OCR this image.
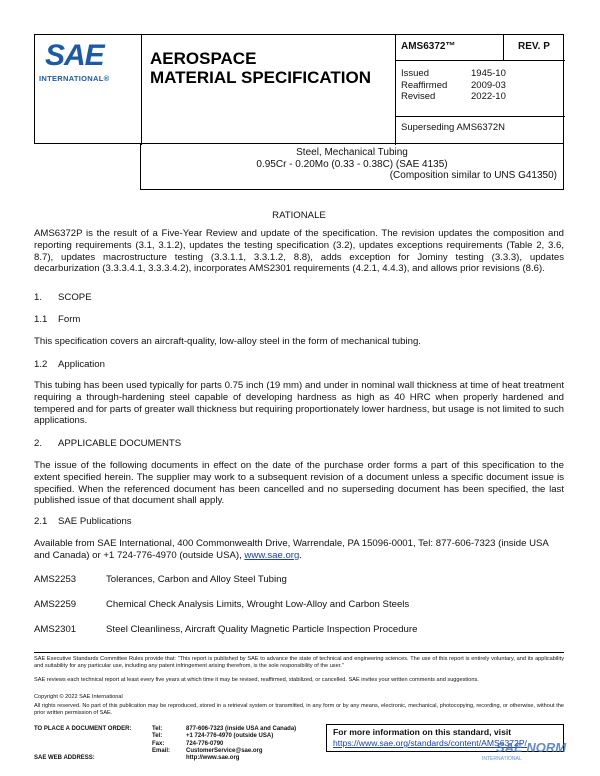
SAE
INTERNATIONAL®
AEROSPACE
MATERIAL SPECIFICATION
AMS6372™	REV. P
Issued	1945-10
Reaffirmed	2009-03
Revised	2022-10
Superseding AMS6372N
Steel, Mechanical Tubing
0.95Cr - 0.20Mo (0.33 - 0.38C) (SAE 4135)
(Composition similar to UNS G41350)
RATIONALE
AMS6372P is the result of a Five-Year Review and update of the specification. The revision updates the composition and reporting requirements (3.1, 3.1.2), updates the testing specification (3.2), updates exceptions requirements (Table 2, 3.6, 8.7), updates macrostructure testing (3.3.1.1, 3.3.1.2, 8.8), adds exception for Jominy testing (3.3.3), updates decarburization (3.3.3.4.1, 3.3.3.4.2), incorporates AMS2301 requirements (4.2.1, 4.4.3), and allows prior revisions (8.6).
1. SCOPE
1.1 Form
This specification covers an aircraft-quality, low-alloy steel in the form of mechanical tubing.
1.2 Application
This tubing has been used typically for parts 0.75 inch (19 mm) and under in nominal wall thickness at time of heat treatment requiring a through-hardening steel capable of developing hardness as high as 40 HRC when properly hardened and tempered and for parts of greater wall thickness but requiring proportionately lower hardness, but usage is not limited to such applications.
2. APPLICABLE DOCUMENTS
The issue of the following documents in effect on the date of the purchase order forms a part of this specification to the extent specified herein. The supplier may work to a subsequent revision of a document unless a specific document issue is specified. When the referenced document has been cancelled and no superseding document has been specified, the last published issue of that document shall apply.
2.1 SAE Publications
Available from SAE International, 400 Commonwealth Drive, Warrendale, PA 15096-0001, Tel: 877-606-7323 (inside USA and Canada) or +1 724-776-4970 (outside USA), www.sae.org.
AMS2253	Tolerances, Carbon and Alloy Steel Tubing
AMS2259	Chemical Check Analysis Limits, Wrought Low-Alloy and Carbon Steels
AMS2301	Steel Cleanliness, Aircraft Quality Magnetic Particle Inspection Procedure
SAE Executive Standards Committee Rules provide that: “This report is published by SAE to advance the state of technical and engineering sciences. The use of this report is entirely voluntary, and its applicability and suitability for any particular use, including any patent infringement arising therefrom, is the sole responsibility of the user.”
SAE reviews each technical report at least every five years at which time it may be revised, reaffirmed, stabilized, or cancelled. SAE invites your written comments and suggestions.
Copyright © 2022 SAE International
All rights reserved. No part of this publication may be reproduced, stored in a retrieval system or transmitted, in any form or by any means, electronic, mechanical, photocopying, recording, or otherwise, without the prior written permission of SAE.
TO PLACE A DOCUMENT ORDER:	Tel:	877-606-7323 (inside USA and Canada)
Tel:	+1 724-776-4970 (outside USA)
Fax:	724-776-0790
Email:	CustomerService@sae.org
SAE WEB ADDRESS:	http://www.sae.org
For more information on this standard, visit
https://www.sae.org/standards/content/AMS6372P/
SAE NORM
INTERNATIONAL
